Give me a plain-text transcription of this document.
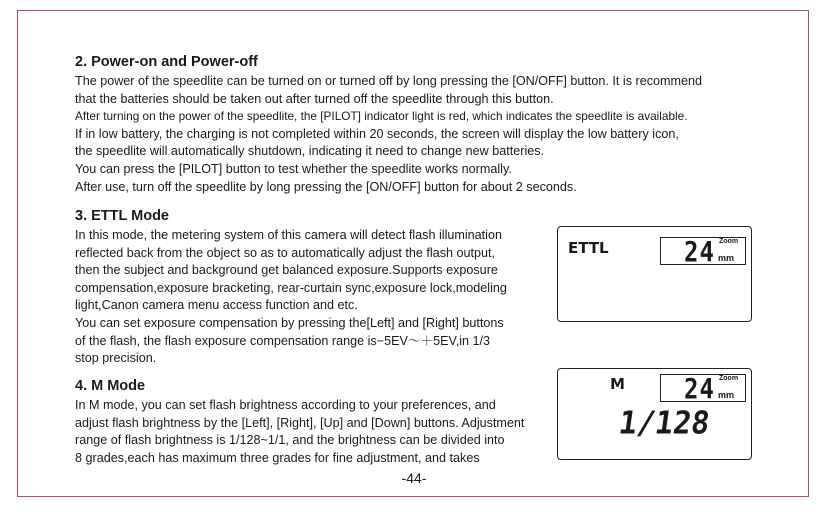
2. Power-on and Power-off
The power of the speedlite can be turned on or turned off by long pressing the [ON/OFF] button. It is recommend
that the batteries should be taken out after turned off the speedlite through this button.
After turning on the power of the speedlite, the [PILOT] indicator light is red, which indicates the speedlite is available.
If in low battery, the charging is not completed within 20 seconds, the screen will display the low battery icon,
the speedlite will automatically shutdown, indicating it need to change new batteries.
You can press the [PILOT] button to test whether the speedlite works normally.
After use, turn off the speedlite by long pressing the [ON/OFF] button for about 2 seconds.
3. ETTL Mode
In this mode, the metering system of this camera will detect flash illumination
reflected back from the object so as to automatically adjust the flash output,
then the subject and background get balanced exposure.Supports exposure
compensation,exposure bracketing, rear-curtain sync,exposure lock,modeling
light,Canon camera menu access function and etc.
You can set exposure compensation by pressing the[Left] and [Right] buttons
of the flash, the flash exposure compensation range is−5EV～＋5EV,in 1/3
stop precision.
ETTL	Zoom
24 mm
4. M Mode
In M mode, you can set flash brightness according to your preferences, and
adjust flash brightness by the [Left], [Right], [Up] and [Down] buttons. Adjustment
range of flash brightness is 1/128~1/1, and the brightness can be divided into
8 grades,each has maximum three grades for fine adjustment, and takes
M	Zoom
24 mm
1/128
-44-
